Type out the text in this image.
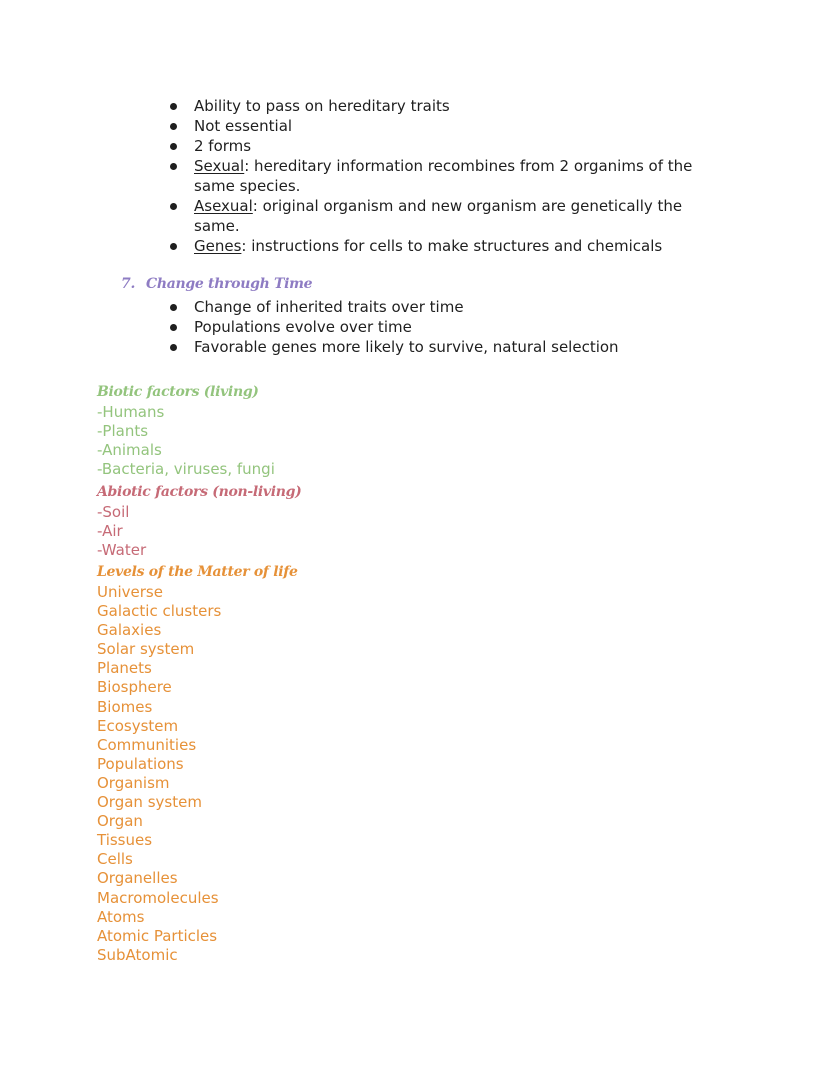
Ability to pass on hereditary traits
Not essential
2 forms
Sexual: hereditary information recombines from 2 organims of the same species.
Asexual: original organism and new organism are genetically the same.
Genes: instructions for cells to make structures and chemicals
7. Change through Time
Change of inherited traits over time
Populations evolve over time
Favorable genes more likely to survive, natural selection
Biotic factors (living)
-Humans
-Plants
-Animals
-Bacteria, viruses, fungi
Abiotic factors (non-living)
-Soil
-Air
-Water
Levels of the Matter of life
Universe
Galactic clusters
Galaxies
Solar system
Planets
Biosphere
Biomes
Ecosystem
Communities
Populations
Organism
Organ system
Organ
Tissues
Cells
Organelles
Macromolecules
Atoms
Atomic Particles
SubAtomic
